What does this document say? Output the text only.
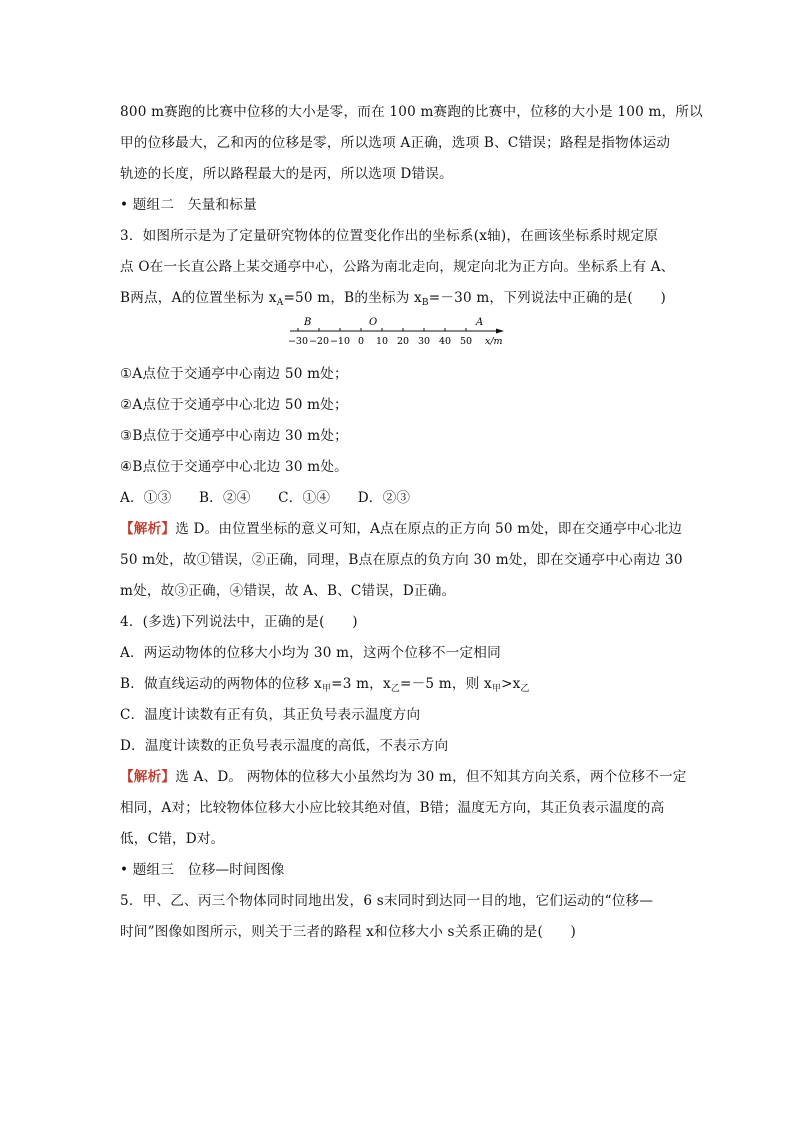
800 m赛跑的比赛中位移的大小是零，而在 100 m赛跑的比赛中，位移的大小是 100 m，所以
甲的位移最大，乙和丙的位移是零，所以选项 A正确，选项 B、C错误；路程是指物体运动
轨迹的长度，所以路程最大的是丙，所以选项 D错误。
• 题组二　矢量和标量
3．如图所示是为了定量研究物体的位置变化作出的坐标系(x轴)，在画该坐标系时规定原
点 O在一长直公路上某交通亭中心，公路为南北走向，规定向北为正方向。坐标系上有 A、
B两点，A的位置坐标为 $x_A=50$ m，B的坐标为 $x_B=-30$ m，下列说法中正确的是(　　)
B	O	A
−30 −20 −10 0 10 20 30 40 50 x/m
①A点位于交通亭中心南边 50 m处；
②A点位于交通亭中心北边 50 m处；
③B点位于交通亭中心南边 30 m处；
④B点位于交通亭中心北边 30 m处。
A．①③　　B．②④　　C．①④　　D．②③
【解析】选 D。由位置坐标的意义可知，A点在原点的正方向 50 m处，即在交通亭中心北边
50 m处，故①错误，②正确，同理，B点在原点的负方向 30 m处，即在交通亭中心南边 30
m处，故③正确，④错误，故 A、B、C错误，D正确。
4．(多选)下列说法中，正确的是(　　)
A．两运动物体的位移大小均为 30 m，这两个位移不一定相同
B．做直线运动的两物体的位移 $x_甲=3$ m，$x_乙=-5$ m，则 $x_甲>x_乙$
C．温度计读数有正有负，其正负号表示温度方向
D．温度计读数的正负号表示温度的高低，不表示方向
【解析】选 A、D。 两物体的位移大小虽然均为 30 m，但不知其方向关系，两个位移不一定
相同，A对；比较物体位移大小应比较其绝对值，B错；温度无方向，其正负表示温度的高
低，C错，D对。
• 题组三　位移—时间图像
5．甲、乙、丙三个物体同时同地出发，6 s末同时到达同一目的地，它们运动的“位移—
时间”图像如图所示，则关于三者的路程 x和位移大小 s关系正确的是(　　)
